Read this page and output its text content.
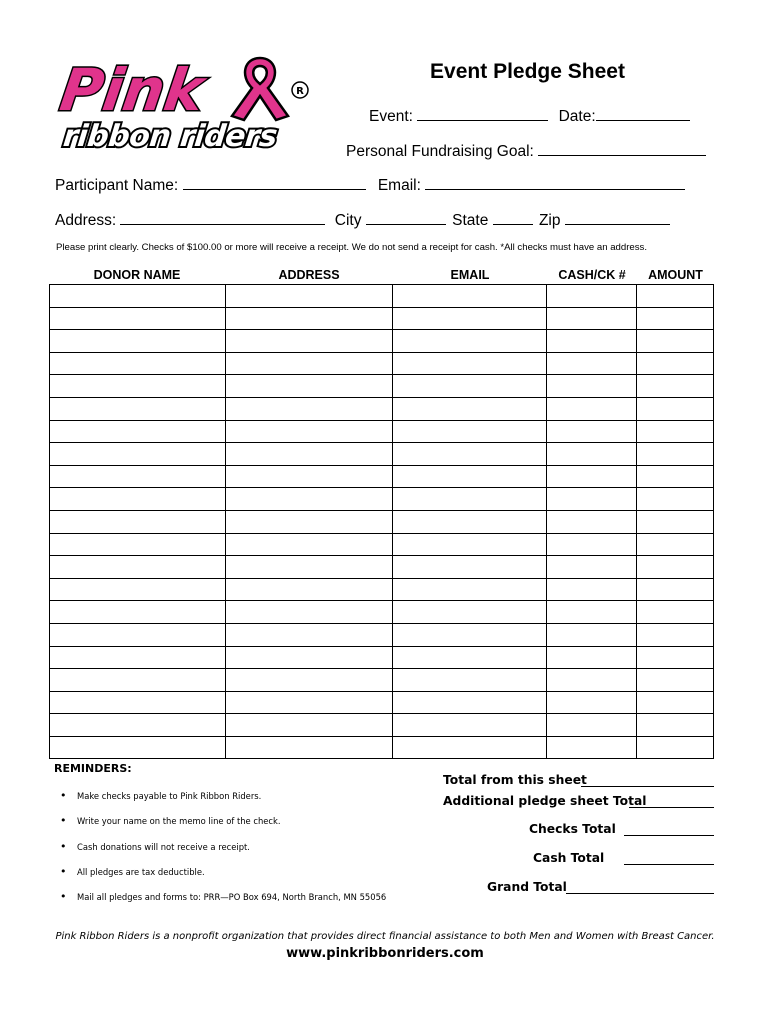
Pink	R
ribbon riders
Event Pledge Sheet
Event:	Date:
Personal Fundraising Goal:
Participant Name:	Email:
Address:	City	State	Zip
Please print clearly. Checks of $100.00 or more will receive a receipt. We do not send a receipt for cash. *All checks must have an address.
DONOR NAME	ADDRESS	EMAIL	CASH/CK #	AMOUNT

REMINDERS:
• Make checks payable to Pink Ribbon Riders.
• Write your name on the memo line of the check.
• Cash donations will not receive a receipt.
• All pledges are tax deductible.
• Mail all pledges and forms to: PRR—PO Box 694, North Branch, MN 55056
Total from this sheet
Additional pledge sheet Total
Checks Total
Cash Total
Grand Total
Pink Ribbon Riders is a nonprofit organization that provides direct financial assistance to both Men and Women with Breast Cancer.
www.pinkribbonriders.com
